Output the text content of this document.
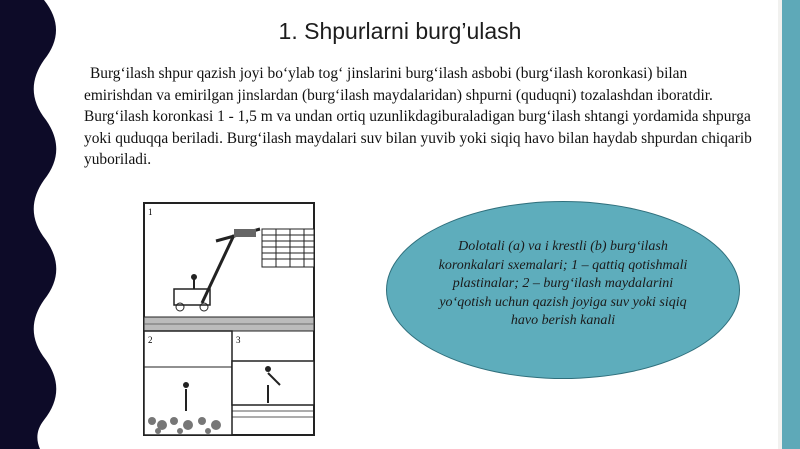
1. Shpurlarni burg’ulash

Burg‘ilash shpur qazish joyi bo‘ylab tog‘ jinslarini burg‘ilash asbobi (burg‘ilash koronkasi) bilan emirishdan va emirilgan jinslardan (burg‘ilash maydalaridan) shpurni (quduqni) tozalashdan iboratdir. Burg‘ilash koronkasi 1 - 1,5 m va undan ortiq uzunlikdagiburaladigan burg‘ilash shtangi yordamida shpurga yoki quduqqa beriladi. Burg‘ilash maydalari suv bilan yuvib yoki siqiq havo bilan haydab shpurdan chiqarib yuboriladi.

1
2	3

Dolotali (a) va i krestli (b) burg‘ilash koronkalari sxemalari; 1 – qattiq qotishmali plastinalar; 2 – burg‘ilash maydalarini yo‘qotish uchun qazish joyiga suv yoki siqiq havo berish kanali
